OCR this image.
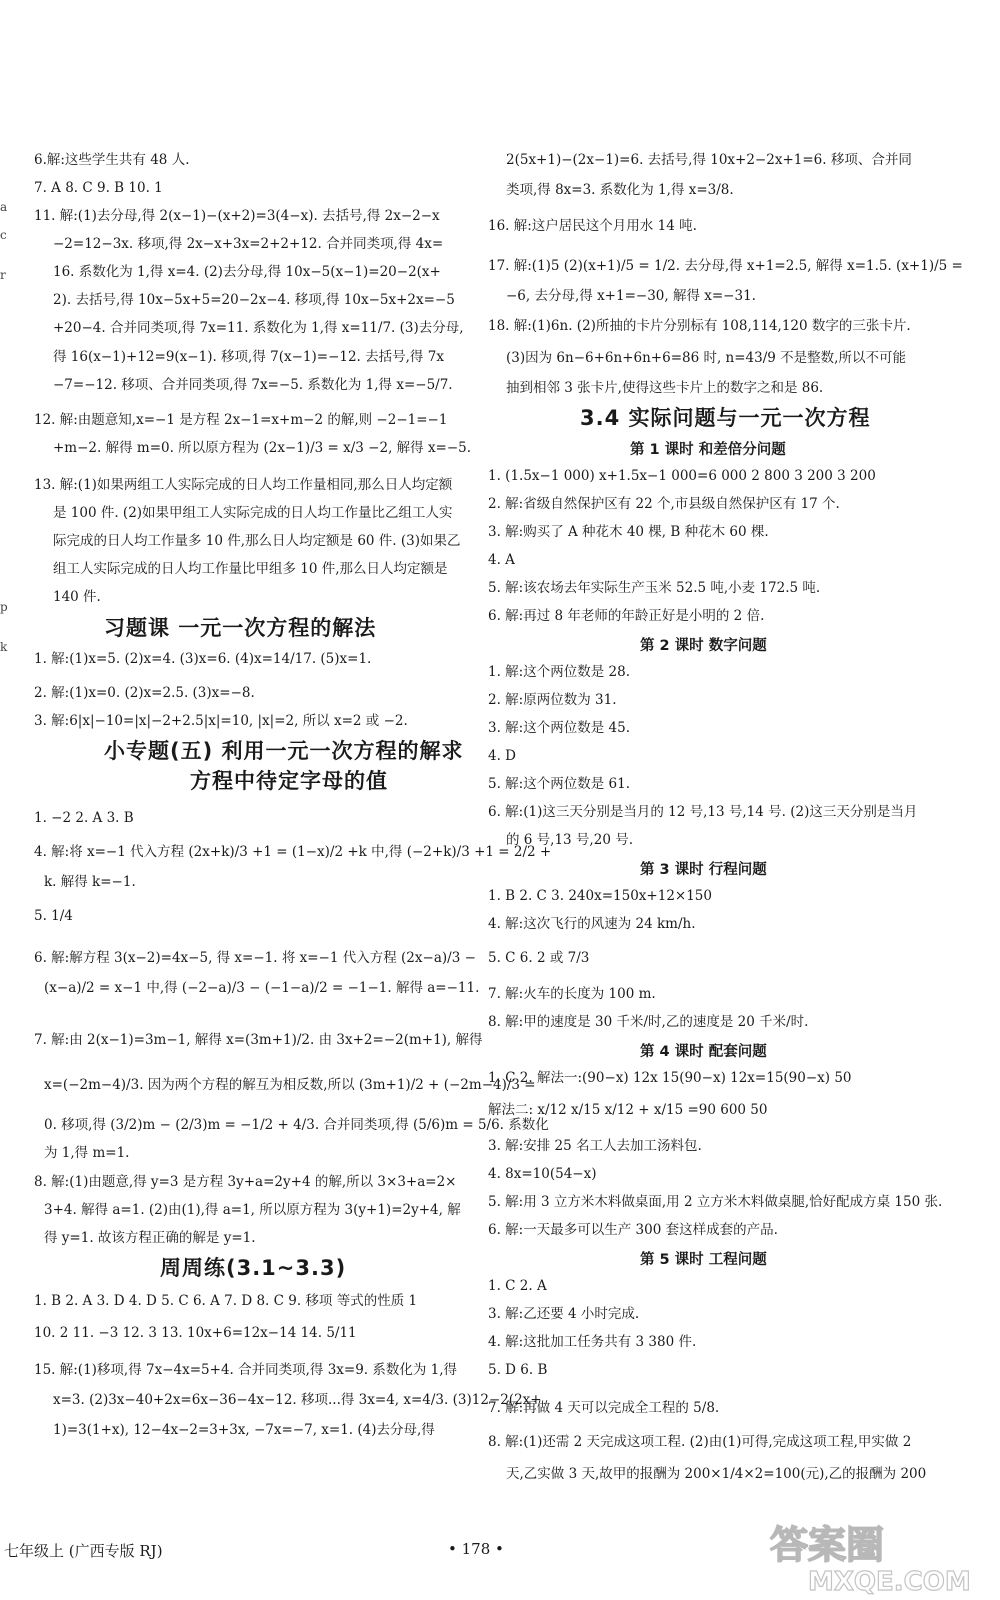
七年级上 (广西专版 RJ)	• 178 •	答案圈
MXQE.COM
a
c
r
p
k
6.解:这些学生共有 48 人.
7. A 8. C 9. B 10. 1
11. 解:(1)去分母,得 2(x−1)−(x+2)=3(4−x). 去括号,得 2x−2−x
−2=12−3x. 移项,得 2x−x+3x=2+2+12. 合并同类项,得 4x=
16. 系数化为 1,得 x=4. (2)去分母,得 10x−5(x−1)=20−2(x+
2). 去括号,得 10x−5x+5=20−2x−4. 移项,得 10x−5x+2x=−5
+20−4. 合并同类项,得 7x=11. 系数化为 1,得 x=11/7. (3)去分母,
得 16(x−1)+12=9(x−1). 移项,得 7(x−1)=−12. 去括号,得 7x
−7=−12. 移项、合并同类项,得 7x=−5. 系数化为 1,得 x=−5/7.
12. 解:由题意知,x=−1 是方程 2x−1=x+m−2 的解,则 −2−1=−1
+m−2. 解得 m=0. 所以原方程为 (2x−1)/3 = x/3 −2, 解得 x=−5.
13. 解:(1)如果两组工人实际完成的日人均工作量相同,那么日人均定额
是 100 件. (2)如果甲组工人实际完成的日人均工作量比乙组工人实
际完成的日人均工作量多 10 件,那么日人均定额是 60 件. (3)如果乙
组工人实际完成的日人均工作量比甲组多 10 件,那么日人均定额是
140 件.
习题课 一元一次方程的解法
1. 解:(1)x=5. (2)x=4. (3)x=6. (4)x=14/17. (5)x=1.
2. 解:(1)x=0. (2)x=2.5. (3)x=−8.
3. 解:6|x|−10=|x|−2+2.5|x|=10, |x|=2, 所以 x=2 或 −2.
小专题(五) 利用一元一次方程的解求
方程中待定字母的值
1. −2 2. A 3. B
4. 解:将 x=−1 代入方程 (2x+k)/3 +1 = (1−x)/2 +k 中,得 (−2+k)/3 +1 = 2/2 +
k. 解得 k=−1.
5. 1/4
6. 解:解方程 3(x−2)=4x−5, 得 x=−1. 将 x=−1 代入方程 (2x−a)/3 −
(x−a)/2 = x−1 中,得 (−2−a)/3 − (−1−a)/2 = −1−1. 解得 a=−11.
7. 解:由 2(x−1)=3m−1, 解得 x=(3m+1)/2. 由 3x+2=−2(m+1), 解得
x=(−2m−4)/3. 因为两个方程的解互为相反数,所以 (3m+1)/2 + (−2m−4)/3 =
0. 移项,得 (3/2)m − (2/3)m = −1/2 + 4/3. 合并同类项,得 (5/6)m = 5/6. 系数化
为 1,得 m=1.
8. 解:(1)由题意,得 y=3 是方程 3y+a=2y+4 的解,所以 3×3+a=2×
3+4. 解得 a=1. (2)由(1),得 a=1, 所以原方程为 3(y+1)=2y+4, 解
得 y=1. 故该方程正确的解是 y=1.
周周练(3.1~3.3)
1. B 2. A 3. D 4. D 5. C 6. A 7. D 8. C 9. 移项 等式的性质 1
10. 2 11. −3 12. 3 13. 10x+6=12x−14 14. 5/11
15. 解:(1)移项,得 7x−4x=5+4. 合并同类项,得 3x=9. 系数化为 1,得
x=3. (2)3x−40+2x=6x−36−4x−12. 移项...得 3x=4, x=4/3. (3)12−2(2x+
1)=3(1+x), 12−4x−2=3+3x, −7x=−7, x=1. (4)去分母,得
2(5x+1)−(2x−1)=6. 去括号,得 10x+2−2x+1=6. 移项、合并同
类项,得 8x=3. 系数化为 1,得 x=3/8.
16. 解:这户居民这个月用水 14 吨.
17. 解:(1)5 (2)(x+1)/5 = 1/2. 去分母,得 x+1=2.5, 解得 x=1.5. (x+1)/5 =
−6, 去分母,得 x+1=−30, 解得 x=−31.
18. 解:(1)6n. (2)所抽的卡片分别标有 108,114,120 数字的三张卡片.
(3)因为 6n−6+6n+6n+6=86 时, n=43/9 不是整数,所以不可能
抽到相邻 3 张卡片,使得这些卡片上的数字之和是 86.
3.4 实际问题与一元一次方程
第 1 课时 和差倍分问题
1. (1.5x−1 000) x+1.5x−1 000=6 000 2 800 3 200 3 200
2. 解:省级自然保护区有 22 个,市县级自然保护区有 17 个.
3. 解:购买了 A 种花木 40 棵, B 种花木 60 棵.
4. A
5. 解:该农场去年实际生产玉米 52.5 吨,小麦 172.5 吨.
6. 解:再过 8 年老师的年龄正好是小明的 2 倍.
第 2 课时 数字问题
1. 解:这个两位数是 28.
2. 解:原两位数为 31.
3. 解:这个两位数是 45.
4. D
5. 解:这个两位数是 61.
6. 解:(1)这三天分别是当月的 12 号,13 号,14 号. (2)这三天分别是当月
的 6 号,13 号,20 号.
第 3 课时 行程问题
1. B 2. C 3. 240x=150x+12×150
4. 解:这次飞行的风速为 24 km/h.
5. C 6. 2 或 7/3
7. 解:火车的长度为 100 m.
8. 解:甲的速度是 30 千米/时,乙的速度是 20 千米/时.
第 4 课时 配套问题
1. C 2. 解法一:(90−x) 12x 15(90−x) 12x=15(90−x) 50
解法二: x/12 x/15 x/12 + x/15 =90 600 50
3. 解:安排 25 名工人去加工汤料包.
4. 8x=10(54−x)
5. 解:用 3 立方米木料做桌面,用 2 立方米木料做桌腿,恰好配成方桌 150 张.
6. 解:一天最多可以生产 300 套这样成套的产品.
第 5 课时 工程问题
1. C 2. A
3. 解:乙还要 4 小时完成.
4. 解:这批加工任务共有 3 380 件.
5. D 6. B
7. 解:再做 4 天可以完成全工程的 5/8.
8. 解:(1)还需 2 天完成这项工程. (2)由(1)可得,完成这项工程,甲实做 2
天,乙实做 3 天,故甲的报酬为 200×1/4×2=100(元),乙的报酬为 200
